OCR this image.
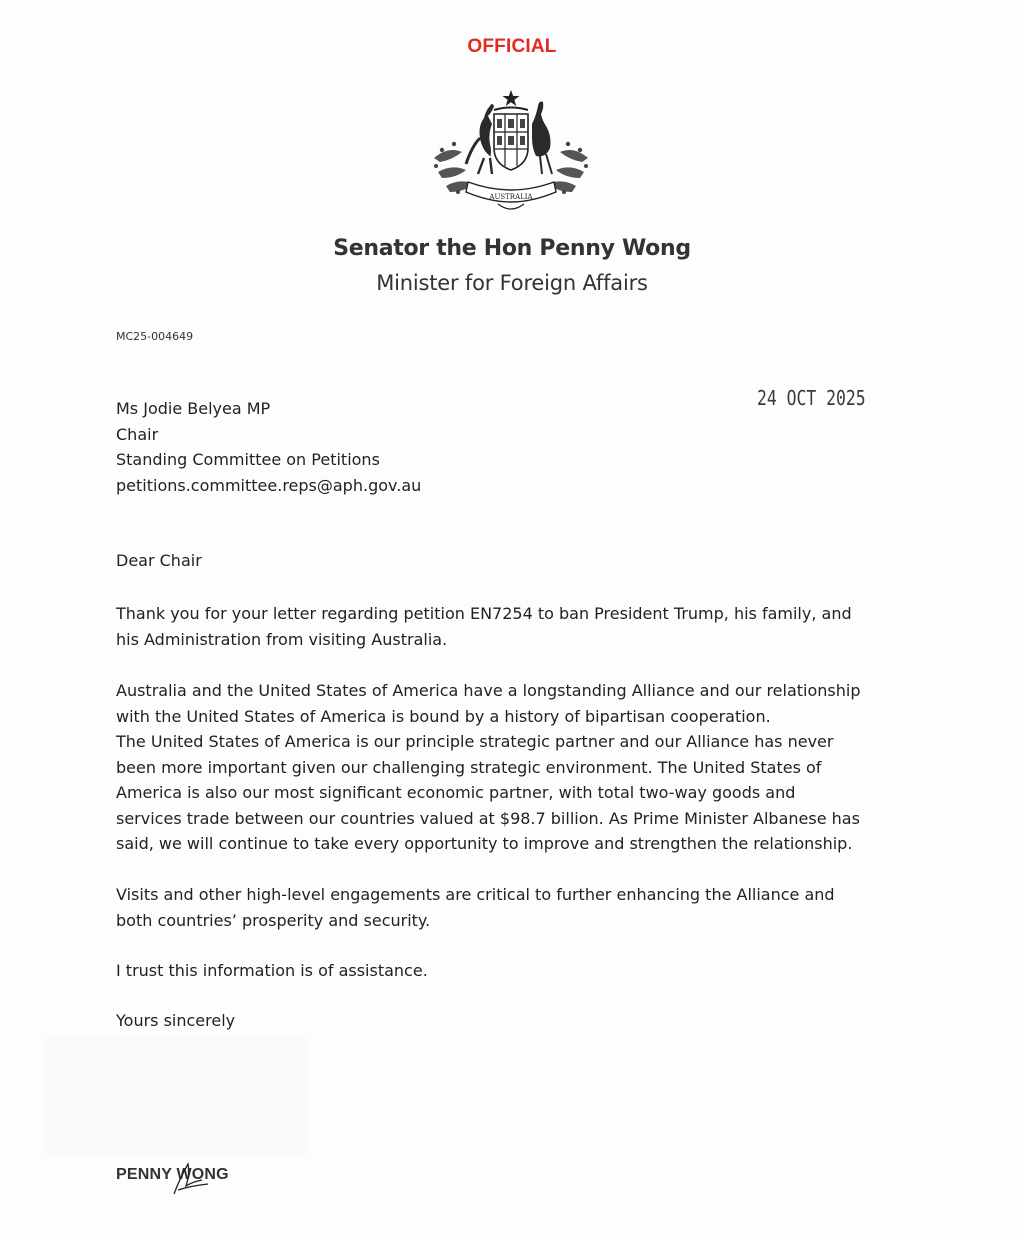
OFFICIAL
AUSTRALIA
Senator the Hon Penny Wong
Minister for Foreign Affairs
MC25-004649
24 OCT 2025
Ms Jodie Belyea MP
Chair
Standing Committee on Petitions
petitions.committee.reps@aph.gov.au
Dear Chair
Thank you for your letter regarding petition EN7254 to ban President Trump, his family, and
his Administration from visiting Australia.
Australia and the United States of America have a longstanding Alliance and our relationship
with the United States of America is bound by a history of bipartisan cooperation.
The United States of America is our principle strategic partner and our Alliance has never
been more important given our challenging strategic environment. The United States of
America is also our most significant economic partner, with total two-way goods and
services trade between our countries valued at $98.7 billion. As Prime Minister Albanese has
said, we will continue to take every opportunity to improve and strengthen the relationship.
Visits and other high-level engagements are critical to further enhancing the Alliance and
both countries’ prosperity and security.
I trust this information is of assistance.
Yours sincerely
PENNY WONG
